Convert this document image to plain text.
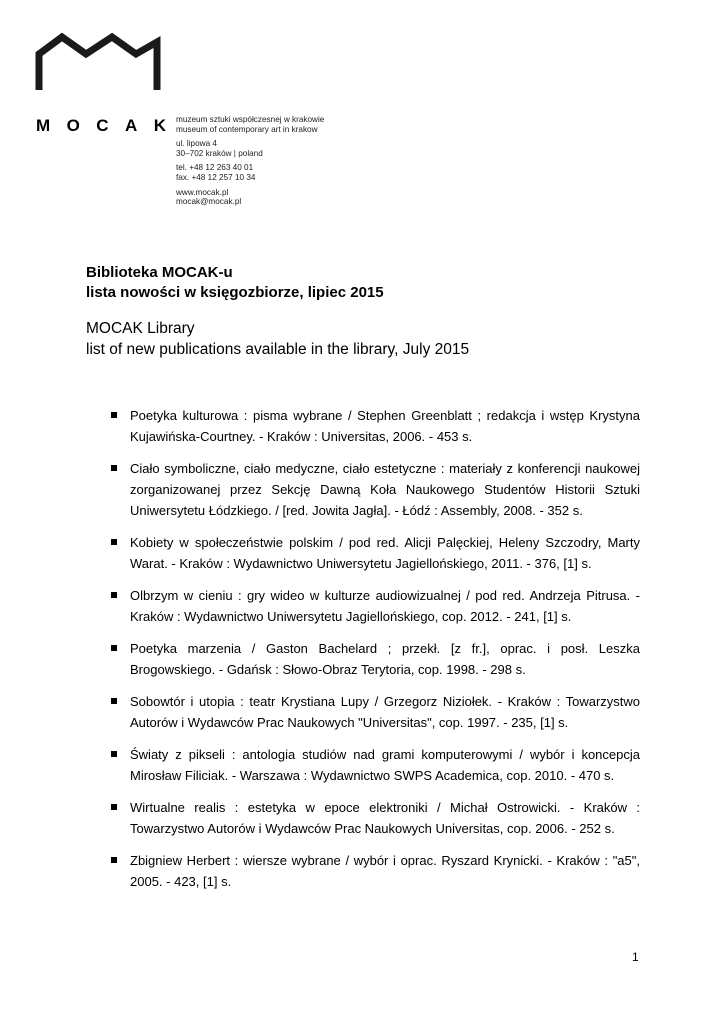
M O C A K muzeum sztuki współczesnej w krakowie
museum of contemporary art in krakow
ul. lipowa 4
30–702 kraków | poland
tel. +48 12 263 40 01
fax. +48 12 257 10 34
www.mocak.pl
mocak@mocak.pl
Biblioteka MOCAK-u
lista nowości w księgozbiorze, lipiec 2015
MOCAK Library
list of new publications available in the library, July 2015
Poetyka kulturowa : pisma wybrane / Stephen Greenblatt ; redakcja i wstęp Krystyna Kujawińska-Courtney. - Kraków : Universitas, 2006. - 453 s.
Ciało symboliczne, ciało medyczne, ciało estetyczne : materiały z konferencji naukowej zorganizowanej przez Sekcję Dawną Koła Naukowego Studentów Historii Sztuki Uniwersytetu Łódzkiego. / [red. Jowita Jagła]. - Łódź : Assembly, 2008. - 352 s.
Kobiety w społeczeństwie polskim / pod red. Alicji Palęckiej, Heleny Szczodry, Marty Warat. - Kraków : Wydawnictwo Uniwersytetu Jagiellońskiego, 2011. - 376, [1] s.
Olbrzym w cieniu : gry wideo w kulturze audiowizualnej / pod red. Andrzeja Pitrusa. - Kraków : Wydawnictwo Uniwersytetu Jagiellońskiego, cop. 2012. - 241, [1] s.
Poetyka marzenia / Gaston Bachelard ; przekł. [z fr.], oprac. i posł. Leszka Brogowskiego. - Gdańsk : Słowo-Obraz Terytoria, cop. 1998. - 298 s.
Sobowtór i utopia : teatr Krystiana Lupy / Grzegorz Niziołek. - Kraków : Towarzystwo Autorów i Wydawców Prac Naukowych "Universitas", cop. 1997. - 235, [1] s.
Światy z pikseli : antologia studiów nad grami komputerowymi / wybór i koncepcja Mirosław Filiciak. - Warszawa : Wydawnictwo SWPS Academica, cop. 2010. - 470 s.
Wirtualne realis : estetyka w epoce elektroniki / Michał Ostrowicki. - Kraków : Towarzystwo Autorów i Wydawców Prac Naukowych Universitas, cop. 2006. - 252 s.
Zbigniew Herbert : wiersze wybrane / wybór i oprac. Ryszard Krynicki. - Kraków : "a5", 2005. - 423, [1] s.
1
